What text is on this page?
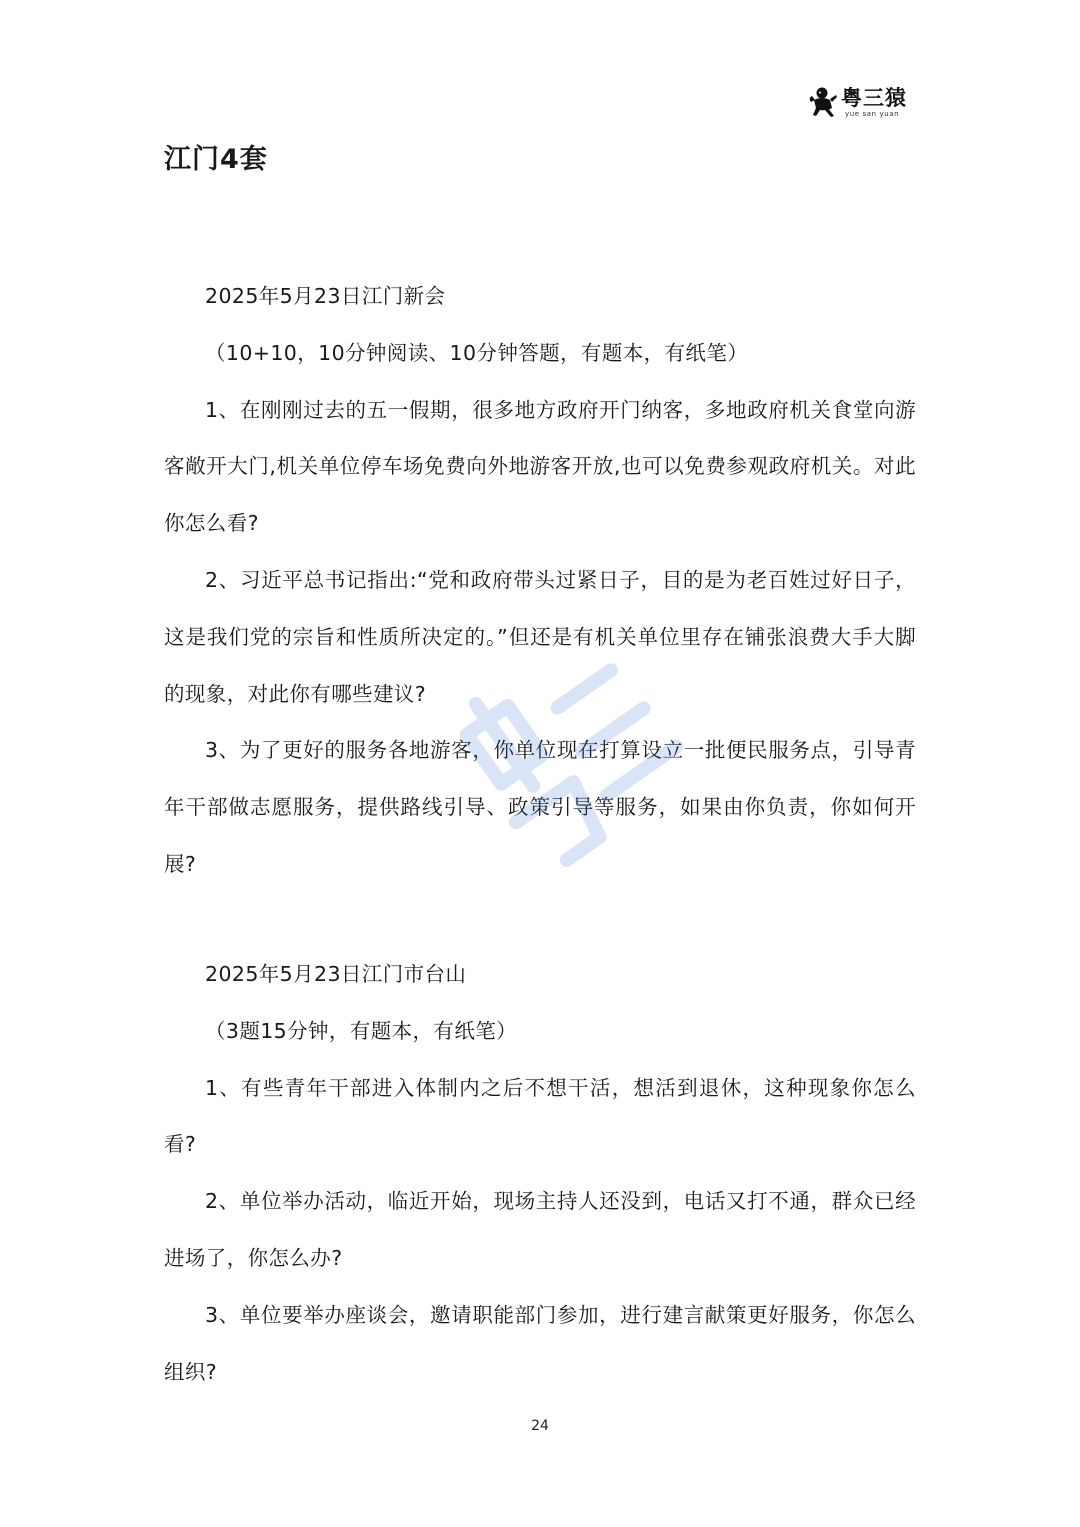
粤三猿
yue san yuan
江门4套

2025年5月23日江门新会

（10+10，10分钟阅读、10分钟答题，有题本，有纸笔）

1、在刚刚过去的五一假期，很多地方政府开门纳客，多地政府机关食堂向游客敞开大门,机关单位停车场免费向外地游客开放,也可以免费参观政府机关。对此你怎么看?

2、习近平总书记指出:“党和政府带头过紧日子，目的是为老百姓过好日子，这是我们党的宗旨和性质所决定的。”但还是有机关单位里存在铺张浪费大手大脚的现象，对此你有哪些建议?

3、为了更好的服务各地游客，你单位现在打算设立一批便民服务点，引导青年干部做志愿服务，提供路线引导、政策引导等服务，如果由你负责，你如何开展?

2025年5月23日江门市台山

（3题15分钟，有题本，有纸笔）

1、有些青年干部进入体制内之后不想干活，想活到退休，这种现象你怎么看?

2、单位举办活动，临近开始，现场主持人还没到，电话又打不通，群众已经进场了，你怎么办?

3、单位要举办座谈会，邀请职能部门参加，进行建言献策更好服务，你怎么组织?

24
